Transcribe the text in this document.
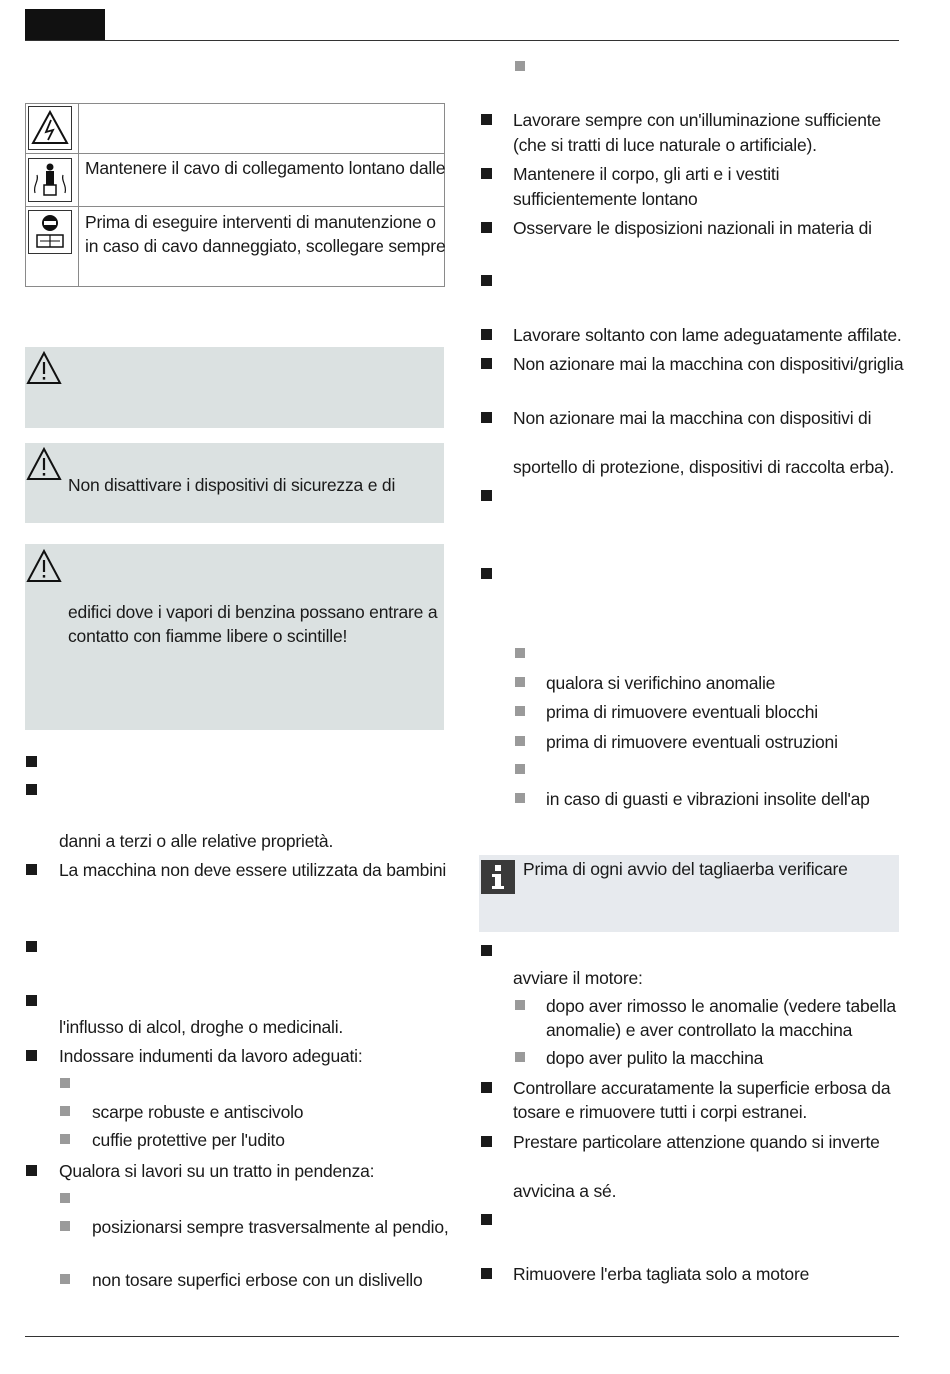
Mantenere il cavo di collegamento lontano dalle
Prima di eseguire interventi di manutenzione o
in caso di cavo danneggiato, scollegare sempre
Non disattivare i dispositivi di sicurezza e di
edifici dove i vapori di benzina possano entrare a
contatto con fiamme libere o scintille!
danni a terzi o alle relative proprietà.
La macchina non deve essere utilizzata da bambini
l'influsso di alcol, droghe o medicinali.
Indossare indumenti da lavoro adeguati:
scarpe robuste e antiscivolo
cuffie protettive per l'udito
Qualora si lavori su un tratto in pendenza:
posizionarsi sempre trasversalmente al pendio,
non tosare superfici erbose con un dislivello
Lavorare sempre con un'illuminazione sufficiente
(che si tratti di luce naturale o artificiale).
Mantenere il corpo, gli arti e i vestiti
sufficientemente lontano
Osservare le disposizioni nazionali in materia di
Lavorare soltanto con lame adeguatamente affilate.
Non azionare mai la macchina con dispositivi/griglia
Non azionare mai la macchina con dispositivi di
sportello di protezione, dispositivi di raccolta erba).
qualora si verifichino anomalie
prima di rimuovere eventuali blocchi
prima di rimuovere eventuali ostruzioni
in caso di guasti e vibrazioni insolite dell'ap
Prima di ogni avvio del tagliaerba verificare
avviare il motore:
dopo aver rimosso le anomalie (vedere tabella
anomalie) e aver controllato la macchina
dopo aver pulito la macchina
Controllare accuratamente la superficie erbosa da
tosare e rimuovere tutti i corpi estranei.
Prestare particolare attenzione quando si inverte
avvicina a sé.
Rimuovere l'erba tagliata solo a motore
